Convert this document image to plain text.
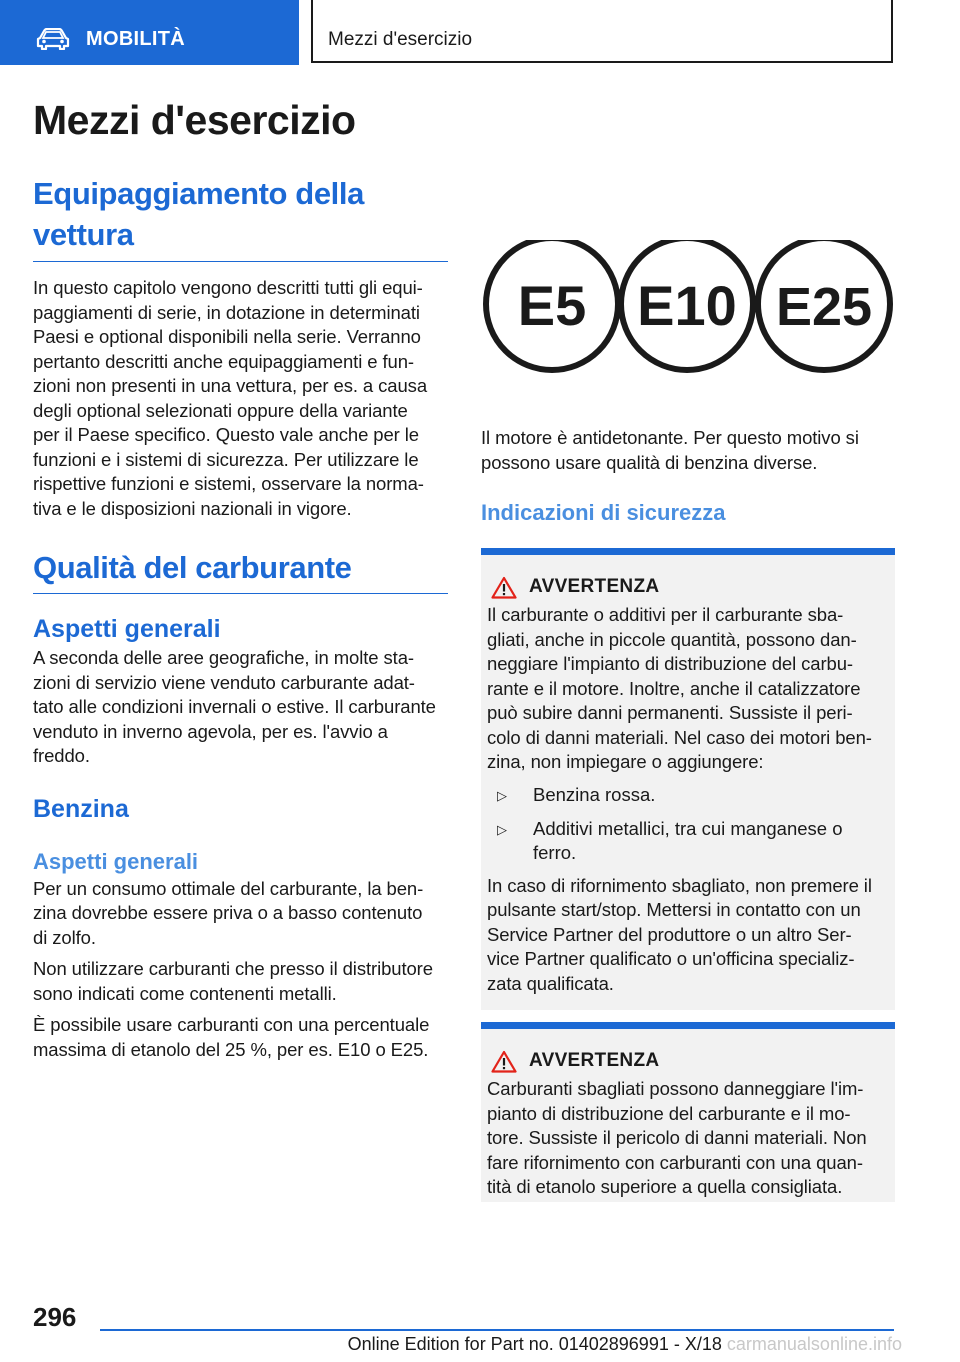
MOBILITÀ	Mezzi d'esercizio
Mezzi d'esercizio
Equipaggiamento della vettura

In questo capitolo vengono descritti tutti gli equi‐
paggiamenti di serie, in dotazione in determinati
Paesi e optional disponibili nella serie. Verranno
pertanto descritti anche equipaggiamenti e fun‐
zioni non presenti in una vettura, per es. a causa
degli optional selezionati oppure della variante
per il Paese specifico. Questo vale anche per le
funzioni e i sistemi di sicurezza. Per utilizzare le
rispettive funzioni e sistemi, osservare la norma‐
tiva e le disposizioni nazionali in vigore.

Qualità del carburante
Aspetti generali

A seconda delle aree geografiche, in molte sta‐
zioni di servizio viene venduto carburante adat‐
tato alle condizioni invernali o estive. Il carburante
venduto in inverno agevola, per es. l'avvio a
freddo.

Benzina
Aspetti generali

Per un consumo ottimale del carburante, la ben‐
zina dovrebbe essere priva o a basso contenuto
di zolfo.

Non utilizzare carburanti che presso il distributore
sono indicati come contenenti metalli.

È possibile usare carburanti con una percentuale
massima di etanolo del 25 %, per es. E10 o E25.

E5 E10 E25

Il motore è antidetonante. Per questo motivo si
possono usare qualità di benzina diverse.

Indicazioni di sicurezza
AVVERTENZA

Il carburante o additivi per il carburante sba‐
gliati, anche in piccole quantità, possono dan‐
neggiare l'impianto di distribuzione del carbu‐
rante e il motore. Inoltre, anche il catalizzatore
può subire danni permanenti. Sussiste il peri‐
colo di danni materiali. Nel caso dei motori ben‐
zina, non impiegare o aggiungere:

▷	Benzina rossa.
▷	Additivi metallici, tra cui manganese o
ferro.

In caso di rifornimento sbagliato, non premere il
pulsante start/stop. Mettersi in contatto con un
Service Partner del produttore o un altro Ser‐
vice Partner qualificato o un'officina specializ‐
zata qualificata.

AVVERTENZA

Carburanti sbagliati possono danneggiare l'im‐
pianto di distribuzione del carburante e il mo‐
tore. Sussiste il pericolo di danni materiali. Non
fare rifornimento con carburanti con una quan‐
tità di etanolo superiore a quella consigliata.

296
Online Edition for Part no. 01402896991 - X/18 carmanualsonline.info
